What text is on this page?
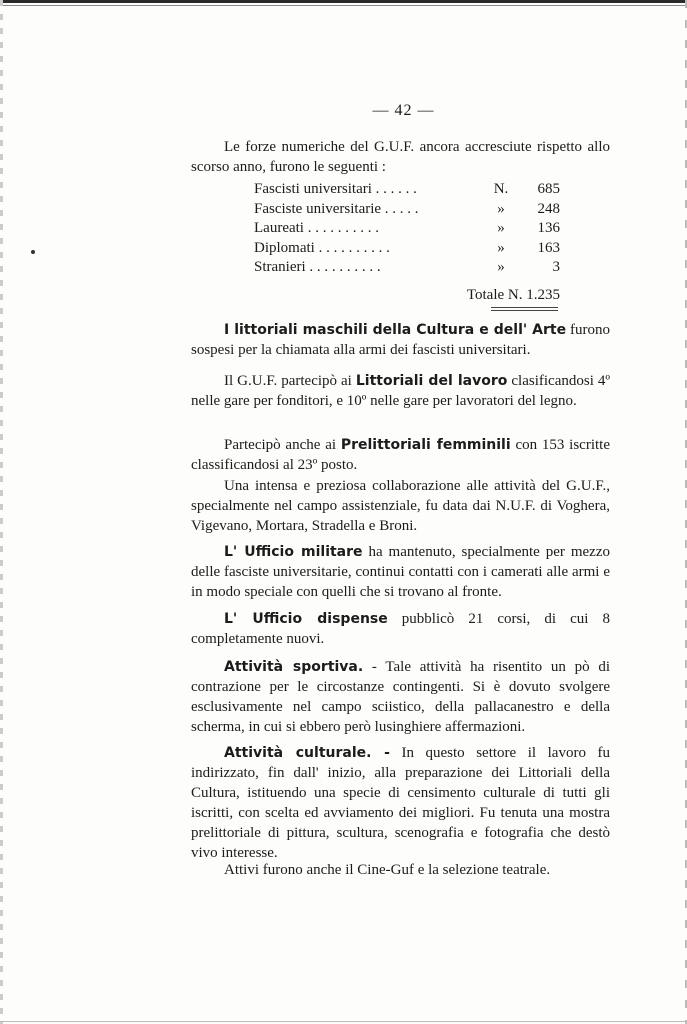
— 42 —

Le forze numeriche del G.U.F. ancora accresciute rispetto allo scorso anno, furono le seguenti :

Fascisti universitari . . . . . .	N.	685
Fasciste universitarie . . . . .	»	248
Laureati . . . . . . . . . .	»	136
Diplomati . . . . . . . . . .	»	163
Stranieri . . . . . . . . . .	»	3
Totale N. 1.235

I littoriali maschili della Cultura e dell' Arte furono sospesi per la chiamata alla armi dei fascisti universitari.

Il G.U.F. partecipò ai Littoriali del lavoro clasificandosi 4º nelle gare per fonditori, e 10º nelle gare per lavoratori del legno.

Partecipò anche ai Prelittoriali femminili con 153 iscritte classificandosi al 23º posto.

Una intensa e preziosa collaborazione alle attività del G.U.F., specialmente nel campo assistenziale, fu data dai N.U.F. di Voghera, Vigevano, Mortara, Stradella e Broni.

L' Ufficio militare ha mantenuto, specialmente per mezzo delle fasciste universitarie, continui contatti con i camerati alle armi e in modo speciale con quelli che si trovano al fronte.

L' Ufficio dispense pubblicò 21 corsi, di cui 8 completamente nuovi.

Attività sportiva. - Tale attività ha risentito un pò di contrazione per le circostanze contingenti. Si è dovuto svolgere esclusivamente nel campo sciistico, della pallacanestro e della scherma, in cui si ebbero però lusinghiere affermazioni.

Attività culturale. - In questo settore il lavoro fu indirizzato, fin dall' inizio, alla preparazione dei Littoriali della Cultura, istituendo una specie di censimento culturale di tutti gli iscritti, con scelta ed avviamento dei migliori. Fu tenuta una mostra prelittoriale di pittura, scultura, scenografia e fotografia che destò vivo interesse.

Attivi furono anche il Cine-Guf e la selezione teatrale.
